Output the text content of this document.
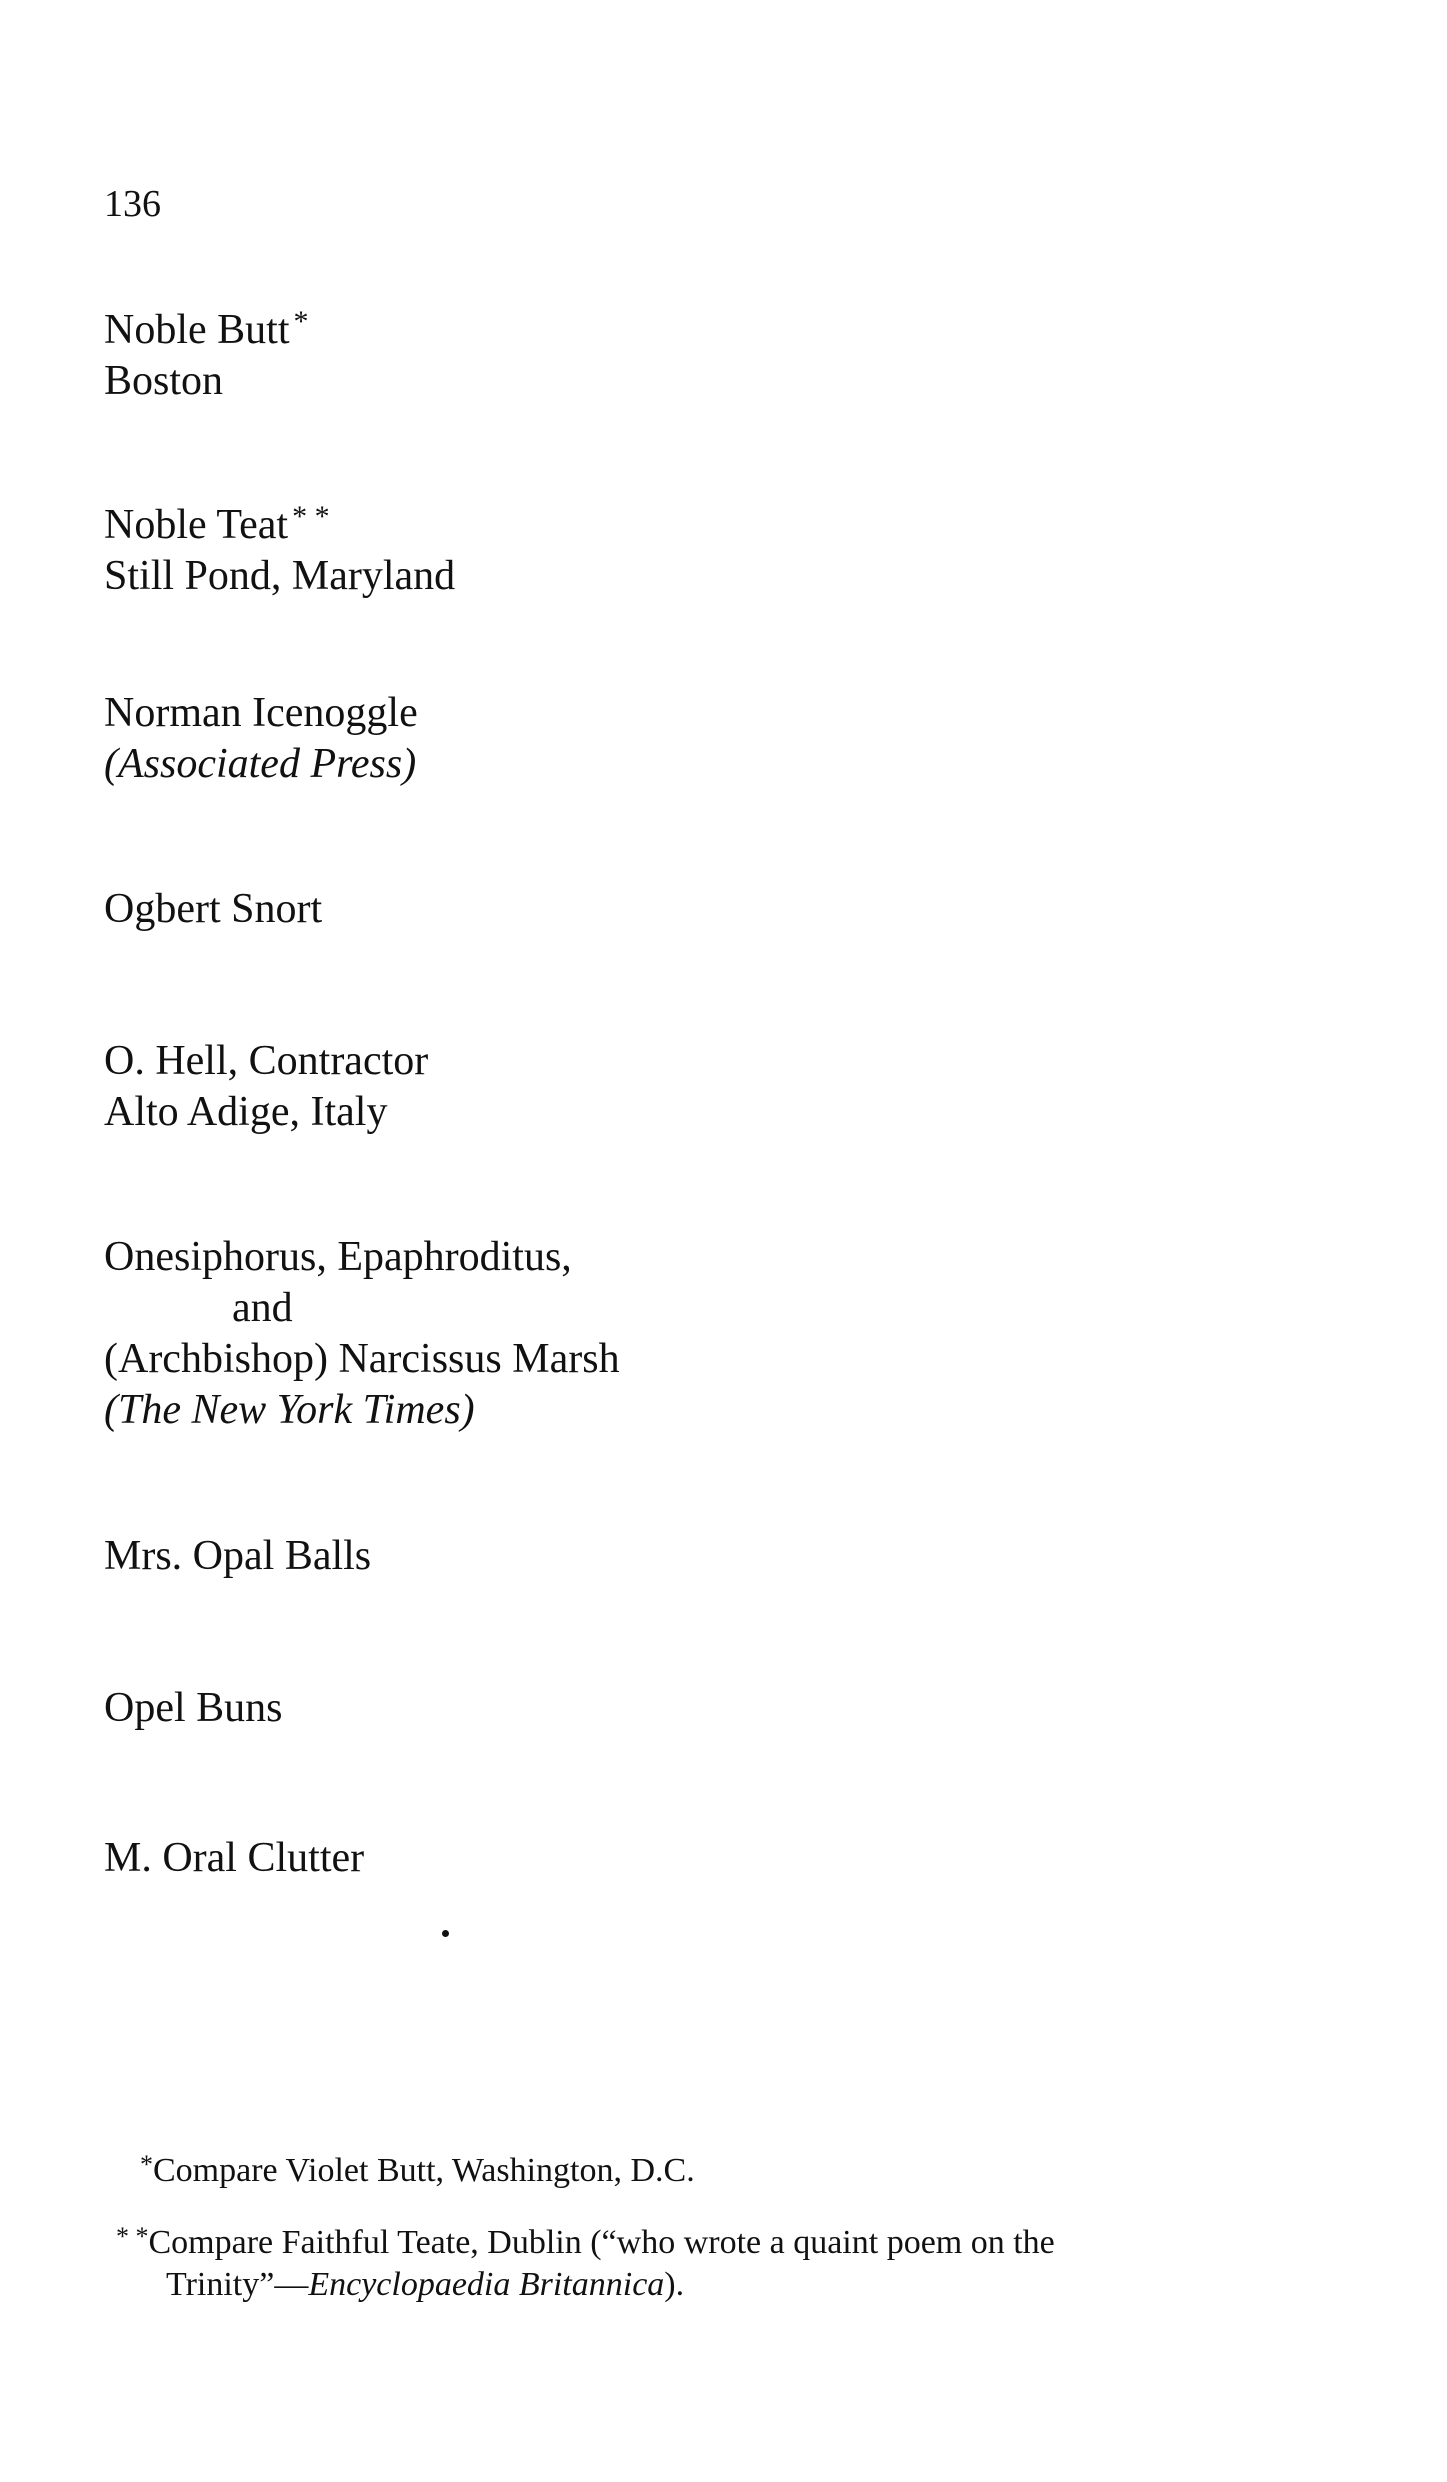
136
Noble Butt *
Boston
Noble Teat * *
Still Pond, Maryland
Norman Icenoggle
(Associated Press)
Ogbert Snort
O. Hell, Contractor
Alto Adige, Italy
Onesiphorus, Epaphroditus,
and
(Archbishop) Narcissus Marsh
(The New York Times)
Mrs. Opal Balls
Opel Buns
M. Oral Clutter
*Compare Violet Butt, Washington, D.C.
* *Compare Faithful Teate, Dublin (“who wrote a quaint poem on the
Trinity”—Encyclopaedia Britannica).
